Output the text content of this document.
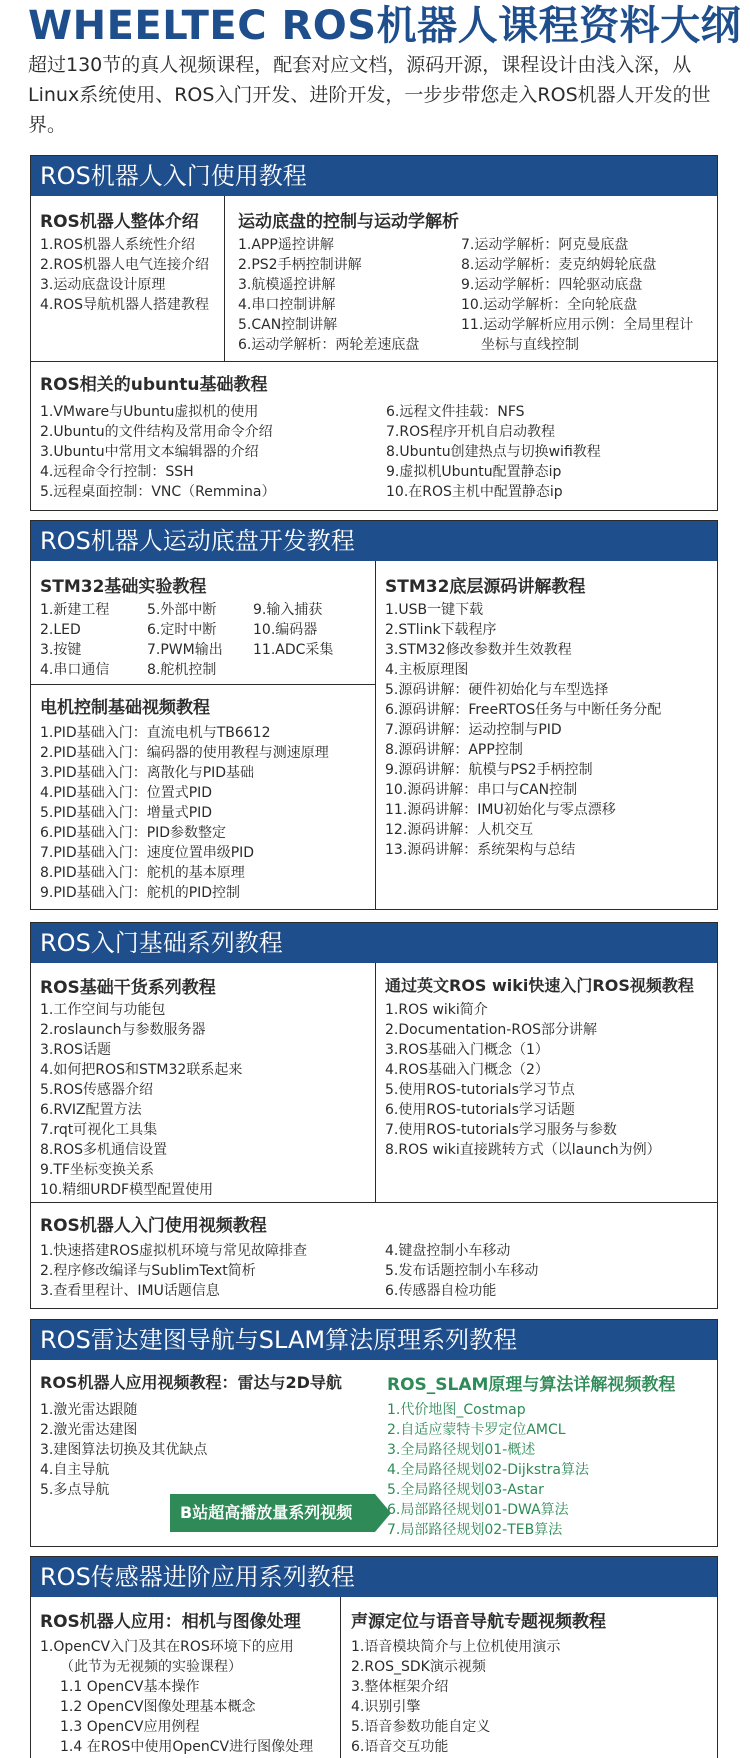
WHEELTEC ROS机器人课程资料大纲
超过130节的真人视频课程，配套对应文档，源码开源，课程设计由浅入深，从Linux系统使用、ROS入门开发、进阶开发，一步步带您走入ROS机器人开发的世界。
ROS机器人入门使用教程
ROS机器人整体介绍
1.ROS机器人系统性介绍
2.ROS机器人电气连接介绍
3.运动底盘设计原理
4.ROS导航机器人搭建教程
运动底盘的控制与运动学解析
1.APP遥控讲解
2.PS2手柄控制讲解
3.航模遥控讲解
4.串口控制讲解
5.CAN控制讲解
6.运动学解析：两轮差速底盘
7.运动学解析：阿克曼底盘
8.运动学解析：麦克纳姆轮底盘
9.运动学解析：四轮驱动底盘
10.运动学解析：全向轮底盘
11.运动学解析应用示例：全局里程计
坐标与直线控制
ROS相关的ubuntu基础教程
1.VMware与Ubuntu虚拟机的使用
2.Ubuntu的文件结构及常用命令介绍
3.Ubuntu中常用文本编辑器的介绍
4.远程命令行控制：SSH
5.远程桌面控制：VNC（Remmina）
6.远程文件挂载：NFS
7.ROS程序开机自启动教程
8.Ubuntu创建热点与切换wifi教程
9.虚拟机Ubuntu配置静态ip
10.在ROS主机中配置静态ip
ROS机器人运动底盘开发教程
STM32基础实验教程
1.新建工程
2.LED
3.按键
4.串口通信
5.外部中断
6.定时中断
7.PWM输出
8.舵机控制
9.输入捕获
10.编码器
11.ADC采集
电机控制基础视频教程
1.PID基础入门：直流电机与TB6612
2.PID基础入门：编码器的使用教程与测速原理
3.PID基础入门：离散化与PID基础
4.PID基础入门：位置式PID
5.PID基础入门：增量式PID
6.PID基础入门：PID参数整定
7.PID基础入门：速度位置串级PID
8.PID基础入门：舵机的基本原理
9.PID基础入门：舵机的PID控制
STM32底层源码讲解教程
1.USB一键下载
2.STlink下载程序
3.STM32修改参数并生效教程
4.主板原理图
5.源码讲解：硬件初始化与车型选择
6.源码讲解：FreeRTOS任务与中断任务分配
7.源码讲解：运动控制与PID
8.源码讲解：APP控制
9.源码讲解：航模与PS2手柄控制
10.源码讲解：串口与CAN控制
11.源码讲解：IMU初始化与零点漂移
12.源码讲解：人机交互
13.源码讲解：系统架构与总结
ROS入门基础系列教程
ROS基础干货系列教程
1.工作空间与功能包
2.roslaunch与参数服务器
3.ROS话题
4.如何把ROS和STM32联系起来
5.ROS传感器介绍
6.RVIZ配置方法
7.rqt可视化工具集
8.ROS多机通信设置
9.TF坐标变换关系
10.精细URDF模型配置使用
通过英文ROS wiki快速入门ROS视频教程
1.ROS wiki简介
2.Documentation-ROS部分讲解
3.ROS基础入门概念（1）
4.ROS基础入门概念（2）
5.使用ROS-tutorials学习节点
6.使用ROS-tutorials学习话题
7.使用ROS-tutorials学习服务与参数
8.ROS wiki直接跳转方式（以launch为例）
ROS机器人入门使用视频教程
1.快速搭建ROS虚拟机环境与常见故障排查
2.程序修改编译与SublimText简析
3.查看里程计、IMU话题信息
4.键盘控制小车移动
5.发布话题控制小车移动
6.传感器自检功能
ROS雷达建图导航与SLAM算法原理系列教程
ROS机器人应用视频教程：雷达与2D导航
1.激光雷达跟随
2.激光雷达建图
3.建图算法切换及其优缺点
4.自主导航
5.多点导航
ROS_SLAM原理与算法详解视频教程
1.代价地图_Costmap
2.自适应蒙特卡罗定位AMCL
3.全局路径规划01-概述
4.全局路径规划02-Dijkstra算法
5.全局路径规划03-Astar
6.局部路径规划01-DWA算法
7.局部路径规划02-TEB算法
B站超高播放量系列视频
ROS传感器进阶应用系列教程
ROS机器人应用：相机与图像处理
1.OpenCV入门及其在ROS环境下的应用
（此节为无视频的实验课程）
1.1 OpenCV基本操作
1.2 OpenCV图像处理基本概念
1.3 OpenCV应用例程
1.4 在ROS中使用OpenCV进行图像处理
声源定位与语音导航专题视频教程
1.语音模块简介与上位机使用演示
2.ROS_SDK演示视频
3.整体框架介绍
4.识别引擎
5.语音参数功能自定义
6.语音交互功能
